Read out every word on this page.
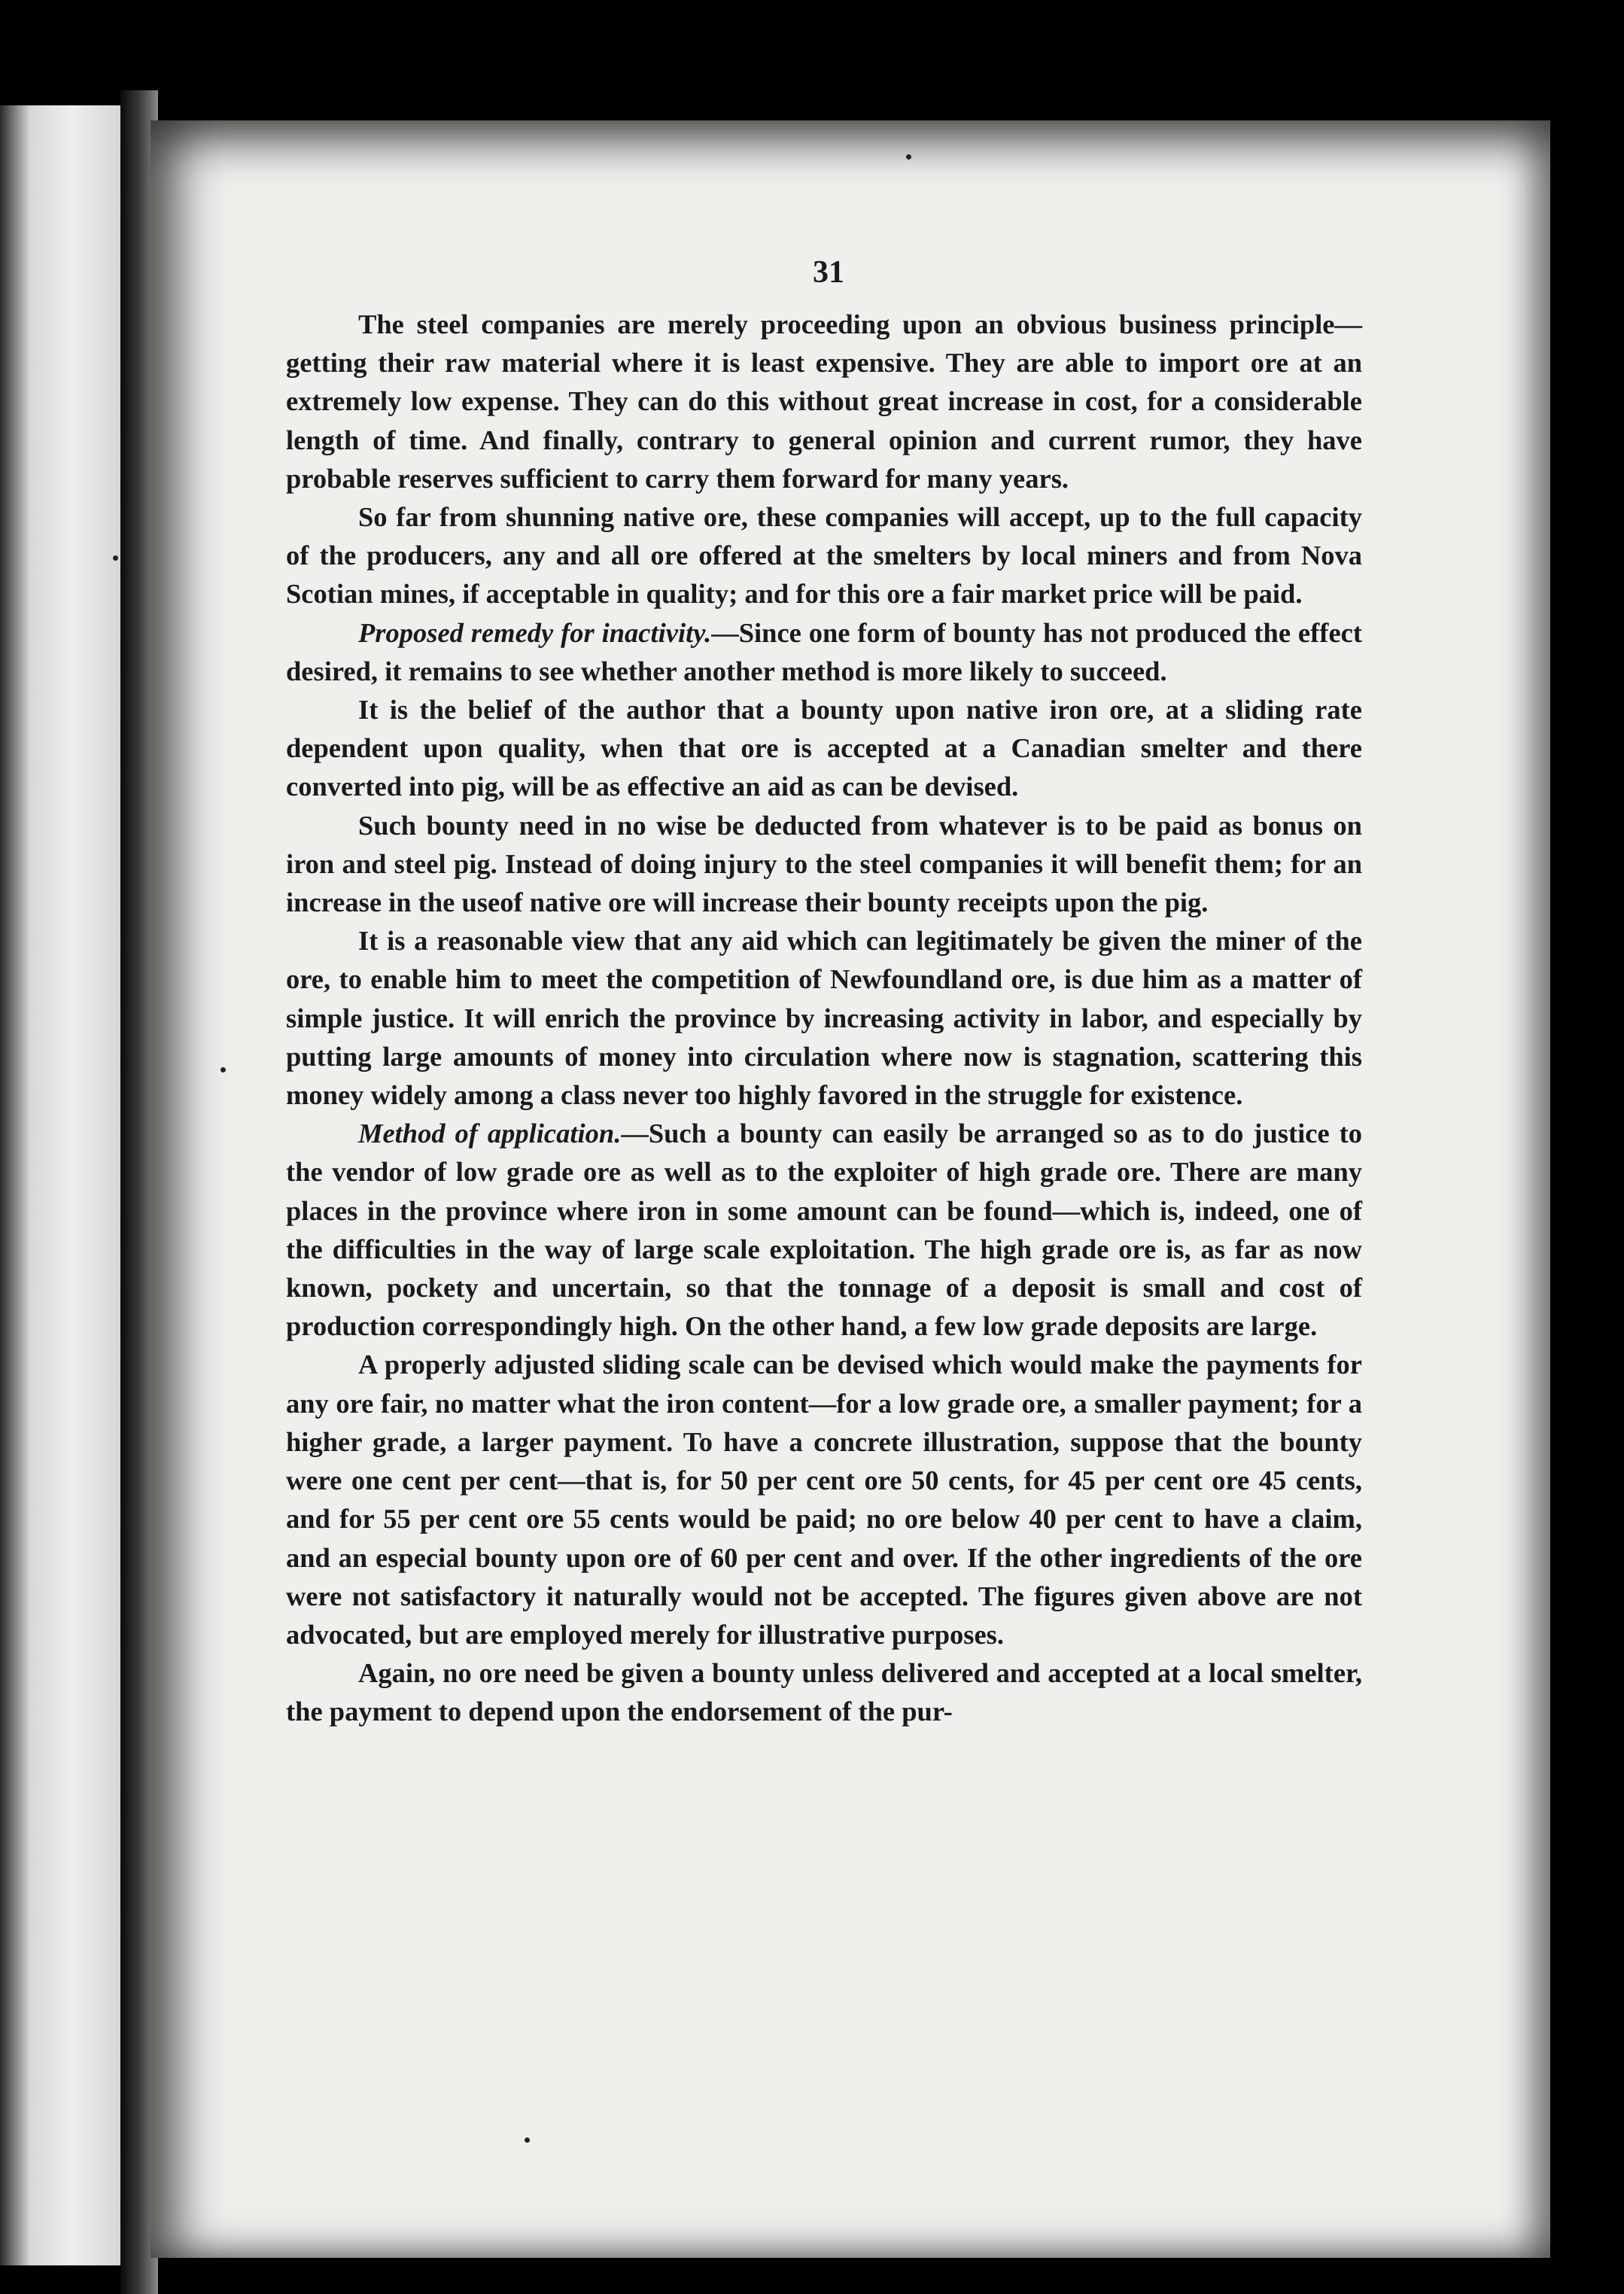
31

The steel companies are merely proceeding upon an obvious business principle—getting their raw material where it is least expensive. They are able to import ore at an extremely low expense. They can do this without great increase in cost, for a considerable length of time. And finally, contrary to general opinion and current rumor, they have probable reserves sufficient to carry them forward for many years.

So far from shunning native ore, these companies will accept, up to the full capacity of the producers, any and all ore offered at the smelters by local miners and from Nova Scotian mines, if acceptable in quality; and for this ore a fair market price will be paid.

Proposed remedy for inactivity.—Since one form of bounty has not produced the effect desired, it remains to see whether another method is more likely to succeed.

It is the belief of the author that a bounty upon native iron ore, at a sliding rate dependent upon quality, when that ore is accepted at a Canadian smelter and there converted into pig, will be as effective an aid as can be devised.

Such bounty need in no wise be deducted from whatever is to be paid as bonus on iron and steel pig. Instead of doing injury to the steel companies it will benefit them; for an increase in the useof native ore will increase their bounty receipts upon the pig.

It is a reasonable view that any aid which can legitimately be given the miner of the ore, to enable him to meet the competition of Newfoundland ore, is due him as a matter of simple justice. It will enrich the province by increasing activity in labor, and especially by putting large amounts of money into circulation where now is stagnation, scattering this money widely among a class never too highly favored in the struggle for existence.

Method of application.—Such a bounty can easily be arranged so as to do justice to the vendor of low grade ore as well as to the exploiter of high grade ore. There are many places in the province where iron in some amount can be found—which is, indeed, one of the difficulties in the way of large scale exploitation. The high grade ore is, as far as now known, pockety and uncertain, so that the tonnage of a deposit is small and cost of production correspondingly high. On the other hand, a few low grade deposits are large.

A properly adjusted sliding scale can be devised which would make the payments for any ore fair, no matter what the iron content—for a low grade ore, a smaller payment; for a higher grade, a larger payment. To have a concrete illustration, suppose that the bounty were one cent per cent—that is, for 50 per cent ore 50 cents, for 45 per cent ore 45 cents, and for 55 per cent ore 55 cents would be paid; no ore below 40 per cent to have a claim, and an especial bounty upon ore of 60 per cent and over. If the other ingredients of the ore were not satisfactory it naturally would not be accepted. The figures given above are not advocated, but are employed merely for illustrative purposes.

Again, no ore need be given a bounty unless delivered and accepted at a local smelter, the payment to depend upon the endorsement of the pur-
